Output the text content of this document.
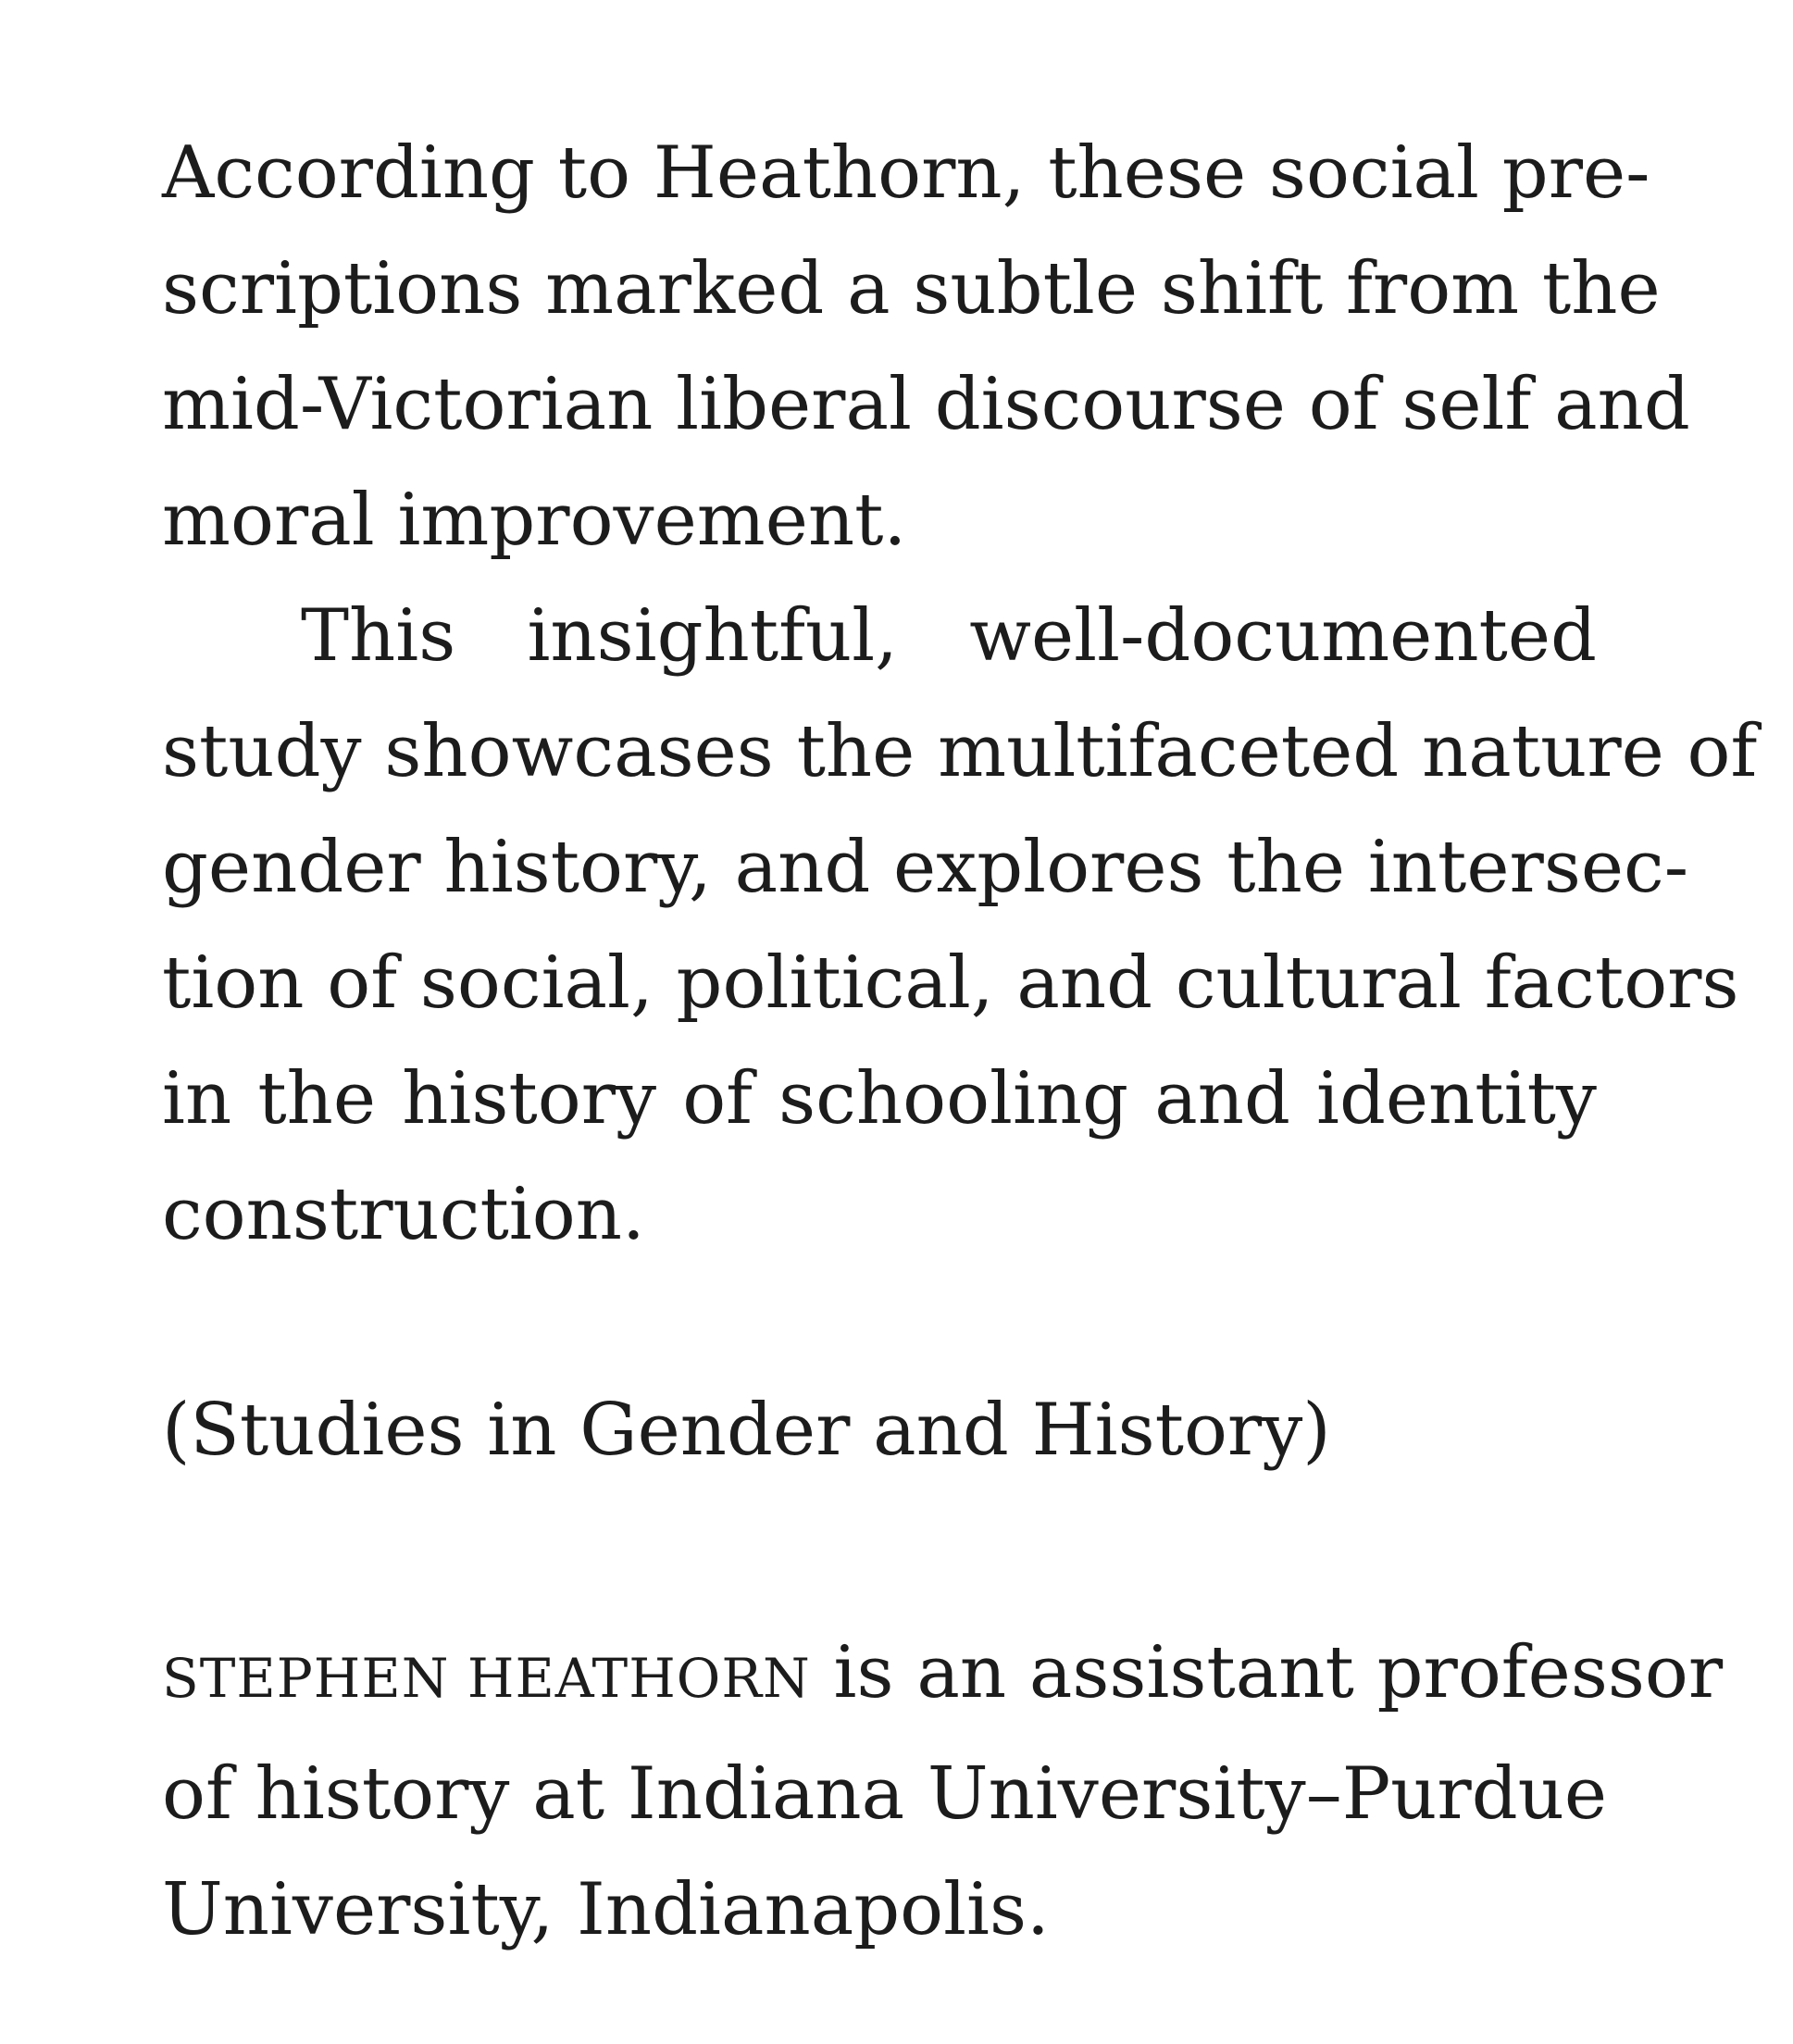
According to Heathorn, these social pre-
scriptions marked a subtle shift from the
mid-Victorian liberal discourse of self and
moral improvement.
This insightful, well-documented
study showcases the multifaceted nature of
gender history, and explores the intersec-
tion of social, political, and cultural factors
in the history of schooling and identity
construction.
(Studies in Gender and History)
STEPHEN HEATHORN is an assistant professor
of history at Indiana University–Purdue
University, Indianapolis.
